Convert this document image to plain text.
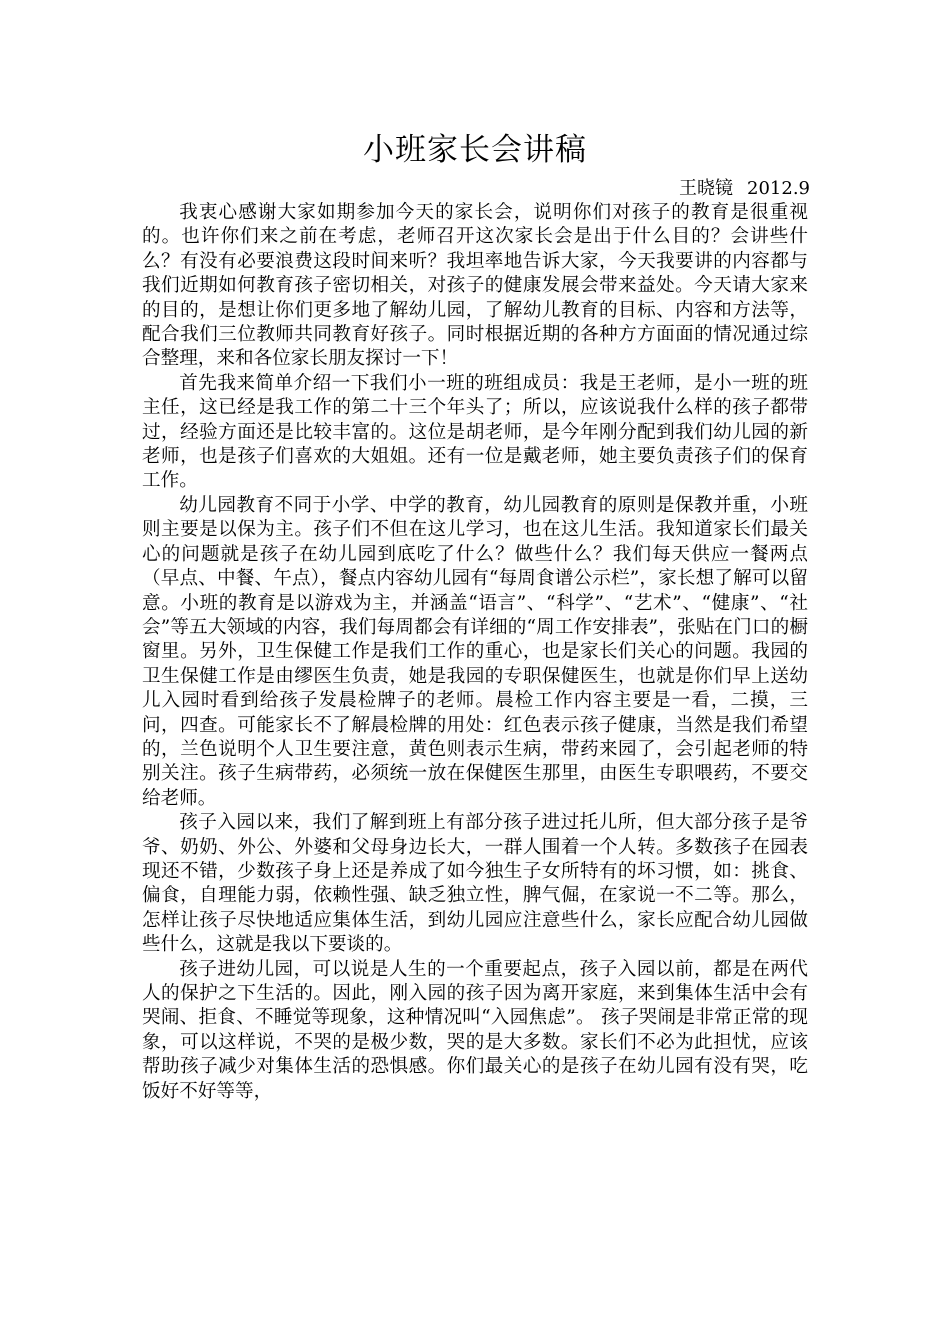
小班家长会讲稿
王晓镜 2012.9

我衷心感谢大家如期参加今天的家长会，说明你们对孩子的教育是很重视的。也许你们来之前在考虑，老师召开这次家长会是出于什么目的？会讲些什么？有没有必要浪费这段时间来听？我坦率地告诉大家，今天我要讲的内容都与我们近期如何教育孩子密切相关，对孩子的健康发展会带来益处。今天请大家来的目的，是想让你们更多地了解幼儿园，了解幼儿教育的目标、内容和方法等，配合我们三位教师共同教育好孩子。同时根据近期的各种方方面面的情况通过综合整理，来和各位家长朋友探讨一下！

首先我来简单介绍一下我们小一班的班组成员：我是王老师，是小一班的班主任，这已经是我工作的第二十三个年头了；所以，应该说我什么样的孩子都带过，经验方面还是比较丰富的。这位是胡老师，是今年刚分配到我们幼儿园的新老师，也是孩子们喜欢的大姐姐。还有一位是戴老师，她主要负责孩子们的保育工作。

幼儿园教育不同于小学、中学的教育，幼儿园教育的原则是保教并重，小班则主要是以保为主。孩子们不但在这儿学习，也在这儿生活。我知道家长们最关心的问题就是孩子在幼儿园到底吃了什么？做些什么？我们每天供应一餐两点（早点、中餐、午点），餐点内容幼儿园有“每周食谱公示栏”，家长想了解可以留意。小班的教育是以游戏为主，并涵盖“语言”、“科学”、“艺术”、“健康”、“社会”等五大领域的内容，我们每周都会有详细的“周工作安排表”，张贴在门口的橱窗里。另外，卫生保健工作是我们工作的重心，也是家长们关心的问题。我园的卫生保健工作是由缪医生负责，她是我园的专职保健医生，也就是你们早上送幼儿入园时看到给孩子发晨检牌子的老师。晨检工作内容主要是一看，二摸，三问，四查。可能家长不了解晨检牌的用处：红色表示孩子健康，当然是我们希望的，兰色说明个人卫生要注意，黄色则表示生病，带药来园了，会引起老师的特别关注。孩子生病带药，必须统一放在保健医生那里，由医生专职喂药，不要交给老师。

孩子入园以来，我们了解到班上有部分孩子进过托儿所，但大部分孩子是爷爷、奶奶、外公、外婆和父母身边长大，一群人围着一个人转。多数孩子在园表现还不错，少数孩子身上还是养成了如今独生子女所特有的坏习惯，如：挑食、偏食，自理能力弱，依赖性强、缺乏独立性，脾气倔，在家说一不二等。那么，怎样让孩子尽快地适应集体生活，到幼儿园应注意些什么，家长应配合幼儿园做些什么，这就是我以下要谈的。

孩子进幼儿园，可以说是人生的一个重要起点，孩子入园以前，都是在两代人的保护之下生活的。因此，刚入园的孩子因为离开家庭，来到集体生活中会有哭闹、拒食、不睡觉等现象，这种情况叫“入园焦虑”。 孩子哭闹是非常正常的现象，可以这样说，不哭的是极少数，哭的是大多数。家长们不必为此担忧，应该帮助孩子减少对集体生活的恐惧感。你们最关心的是孩子在幼儿园有没有哭，吃饭好不好等等，
